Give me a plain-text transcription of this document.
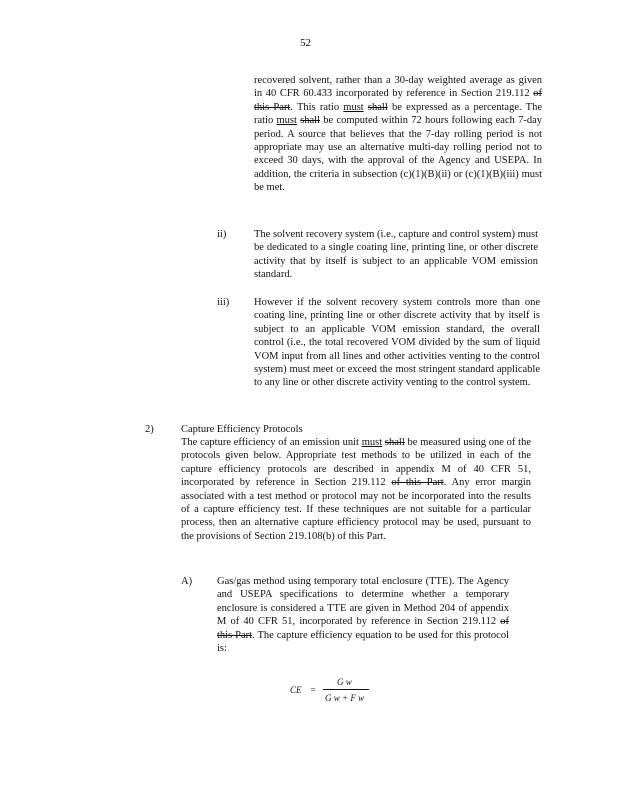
52
recovered solvent, rather than a 30-day weighted average as given in 40 CFR 60.433 incorporated by reference in Section 219.112 of this Part. This ratio must shall be expressed as a percentage. The ratio must shall be computed within 72 hours following each 7-day period. A source that believes that the 7-day rolling period is not appropriate may use an alternative multi-day rolling period not to exceed 30 days, with the approval of the Agency and USEPA. In addition, the criteria in subsection (c)(1)(B)(ii) or (c)(1)(B)(iii) must be met.
ii)	The solvent recovery system (i.e., capture and control system) must be dedicated to a single coating line, printing line, or other discrete activity that by itself is subject to an applicable VOM emission standard.
iii) However if the solvent recovery system controls more than one coating line, printing line or other discrete activity that by itself is subject to an applicable VOM emission standard, the overall control (i.e., the total recovered VOM divided by the sum of liquid VOM input from all lines and other activities venting to the control system) must meet or exceed the most stringent standard applicable to any line or other discrete activity venting to the control system.
2)	Capture Efficiency Protocols
The capture efficiency of an emission unit must shall be measured using one of the protocols given below. Appropriate test methods to be utilized in each of the capture efficiency protocols are described in appendix M of 40 CFR 51, incorporated by reference in Section 219.112 of this Part. Any error margin associated with a test method or protocol may not be incorporated into the results of a capture efficiency test. If these techniques are not suitable for a particular process, then an alternative capture efficiency protocol may be used, pursuant to the provisions of Section 219.108(b) of this Part.
A) Gas/gas method using temporary total enclosure (TTE). The Agency and USEPA specifications to determine whether a temporary enclosure is considered a TTE are given in Method 204 of appendix M of 40 CFR 51, incorporated by reference in Section 219.112 of this Part. The capture efficiency equation to be used for this protocol is:
CE =
G w
G w + F w
